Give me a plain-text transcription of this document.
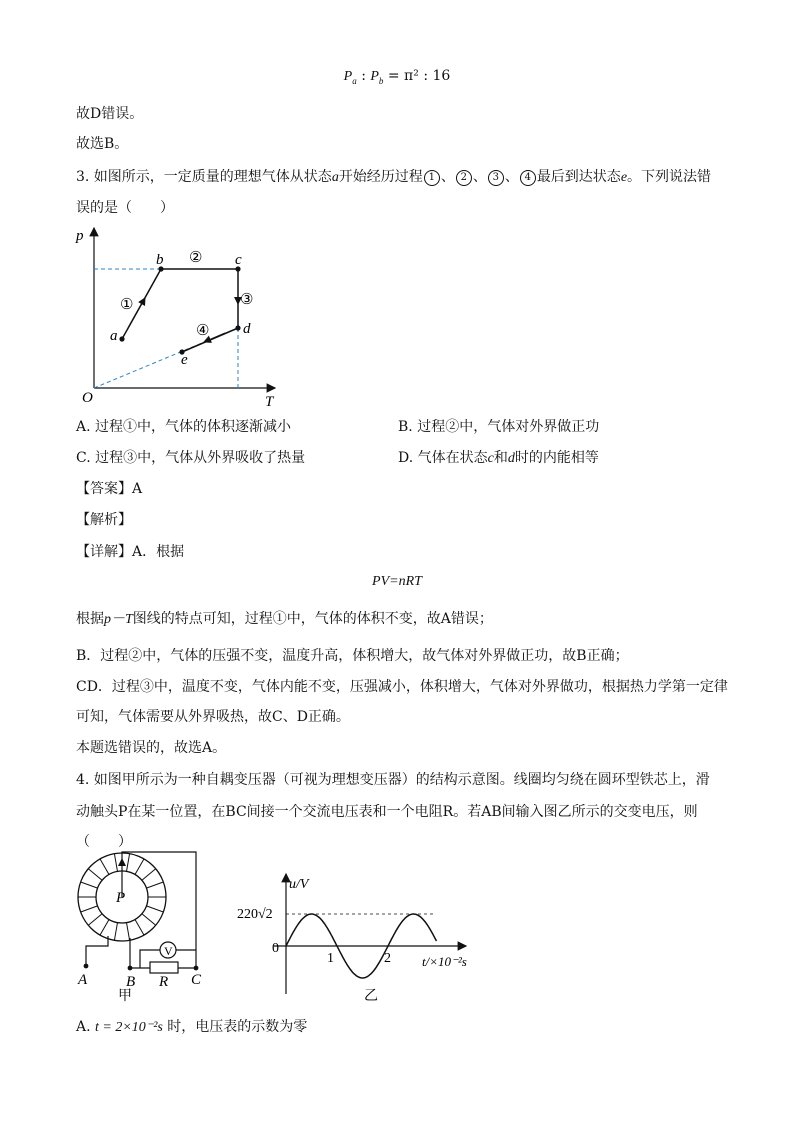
$P_a$ : $P_b = \pi^2$ : 16
故D错误。
故选B。
3. 如图所示，一定质量的理想气体从状态a开始经历过程 1 、 2 、 3 、 4 最后到达状态e。下列说法错
误的是（　　）
p
T
O
a
b	c
d
e
①
②
③
④
A. 过程①中，气体的体积逐渐减小	B. 过程②中，气体对外界做正功
C. 过程③中，气体从外界吸收了热量	D. 气体在状态c和d时的内能相等
【答案】A
【解析】
【详解】A．根据
PV=nRT
根据p－T图线的特点可知，过程①中，气体的体积不变，故A错误；
B．过程②中，气体的压强不变，温度升高，体积增大，故气体对外界做正功，故B正确；
CD．过程③中，温度不变，气体内能不变，压强减小，体积增大，气体对外界做功，根据热力学第一定律
可知，气体需要从外界吸热，故C、D正确。
本题选错误的，故选A。
4. 如图甲所示为一种自耦变压器（可视为理想变压器）的结构示意图。线圈均匀绕在圆环型铁芯上，滑
动触头P在某一位置，在BC间接一个交流电压表和一个电阻R。若AB间输入图乙所示的交变电压，则
（　　）
V
P
A	B R C
甲
u/V
220√2
0
1	2 t/×10⁻²s
乙
A. t = 2×10⁻²s 时，电压表的示数为零
